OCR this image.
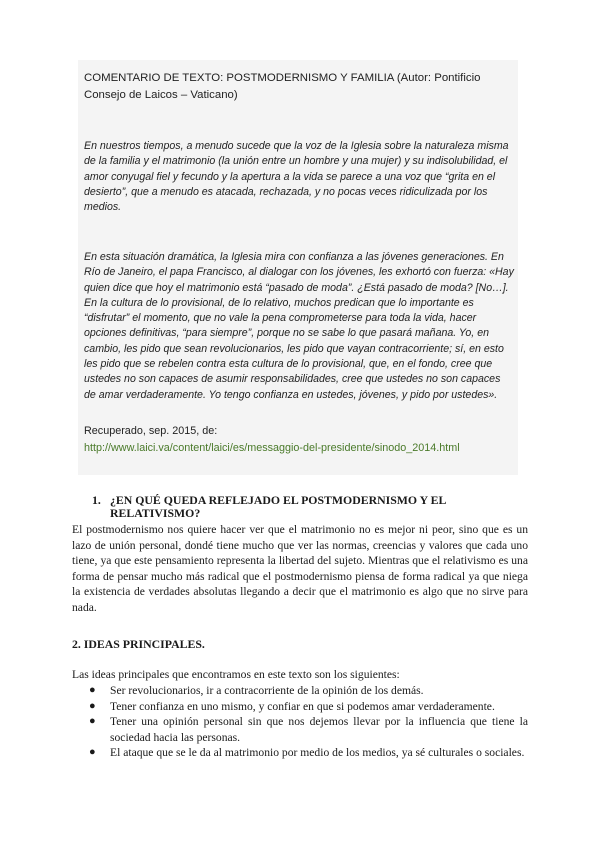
COMENTARIO DE TEXTO: POSTMODERNISMO Y FAMILIA (Autor: Pontificio Consejo de Laicos – Vaticano)
En nuestros tiempos, a menudo sucede que la voz de la Iglesia sobre la naturaleza misma de la familia y el matrimonio (la unión entre un hombre y una mujer) y su indisolubilidad, el amor conyugal fiel y fecundo y la apertura a la vida se parece a una voz que “grita en el desierto”, que a menudo es atacada, rechazada, y no pocas veces ridiculizada por los medios.
En esta situación dramática, la Iglesia mira con confianza a las jóvenes generaciones. En Río de Janeiro, el papa Francisco, al dialogar con los jóvenes, les exhortó con fuerza: «Hay quien dice que hoy el matrimonio está “pasado de moda”. ¿Está pasado de moda? [No…]. En la cultura de lo provisional, de lo relativo, muchos predican que lo importante es “disfrutar” el momento, que no vale la pena comprometerse para toda la vida, hacer opciones definitivas, “para siempre”, porque no se sabe lo que pasará mañana. Yo, en cambio, les pido que sean revolucionarios, les pido que vayan contracorriente; sí, en esto les pido que se rebelen contra esta cultura de lo provisional, que, en el fondo, cree que ustedes no son capaces de asumir responsabilidades, cree que ustedes no son capaces de amar verdaderamente. Yo tengo confianza en ustedes, jóvenes, y pido por ustedes».
Recuperado, sep. 2015, de:
http://www.laici.va/content/laici/es/messaggio-del-presidente/sinodo_2014.html
1. ¿EN QUÉ QUEDA REFLEJADO EL POSTMODERNISMO Y EL RELATIVISMO?
El postmodernismo nos quiere hacer ver que el matrimonio no es mejor ni peor, sino que es un lazo de unión personal, dondé tiene mucho que ver las normas, creencias y valores que cada uno tiene, ya que este pensamiento representa la libertad del sujeto. Mientras que el relativismo es una forma de pensar mucho más radical que el postmodernismo piensa de forma radical ya que niega la existencia de verdades absolutas llegando a decir que el matrimonio es algo que no sirve para nada.
2. IDEAS PRINCIPALES.
Las ideas principales que encontramos en este texto son los siguientes:
● Ser revolucionarios, ir a contracorriente de la opinión de los demás.
● Tener confianza en uno mismo, y confiar en que si podemos amar verdaderamente.
● Tener una opinión personal sin que nos dejemos llevar por la influencia que tiene la sociedad hacia las personas.
● El ataque que se le da al matrimonio por medio de los medios, ya sé culturales o sociales.
